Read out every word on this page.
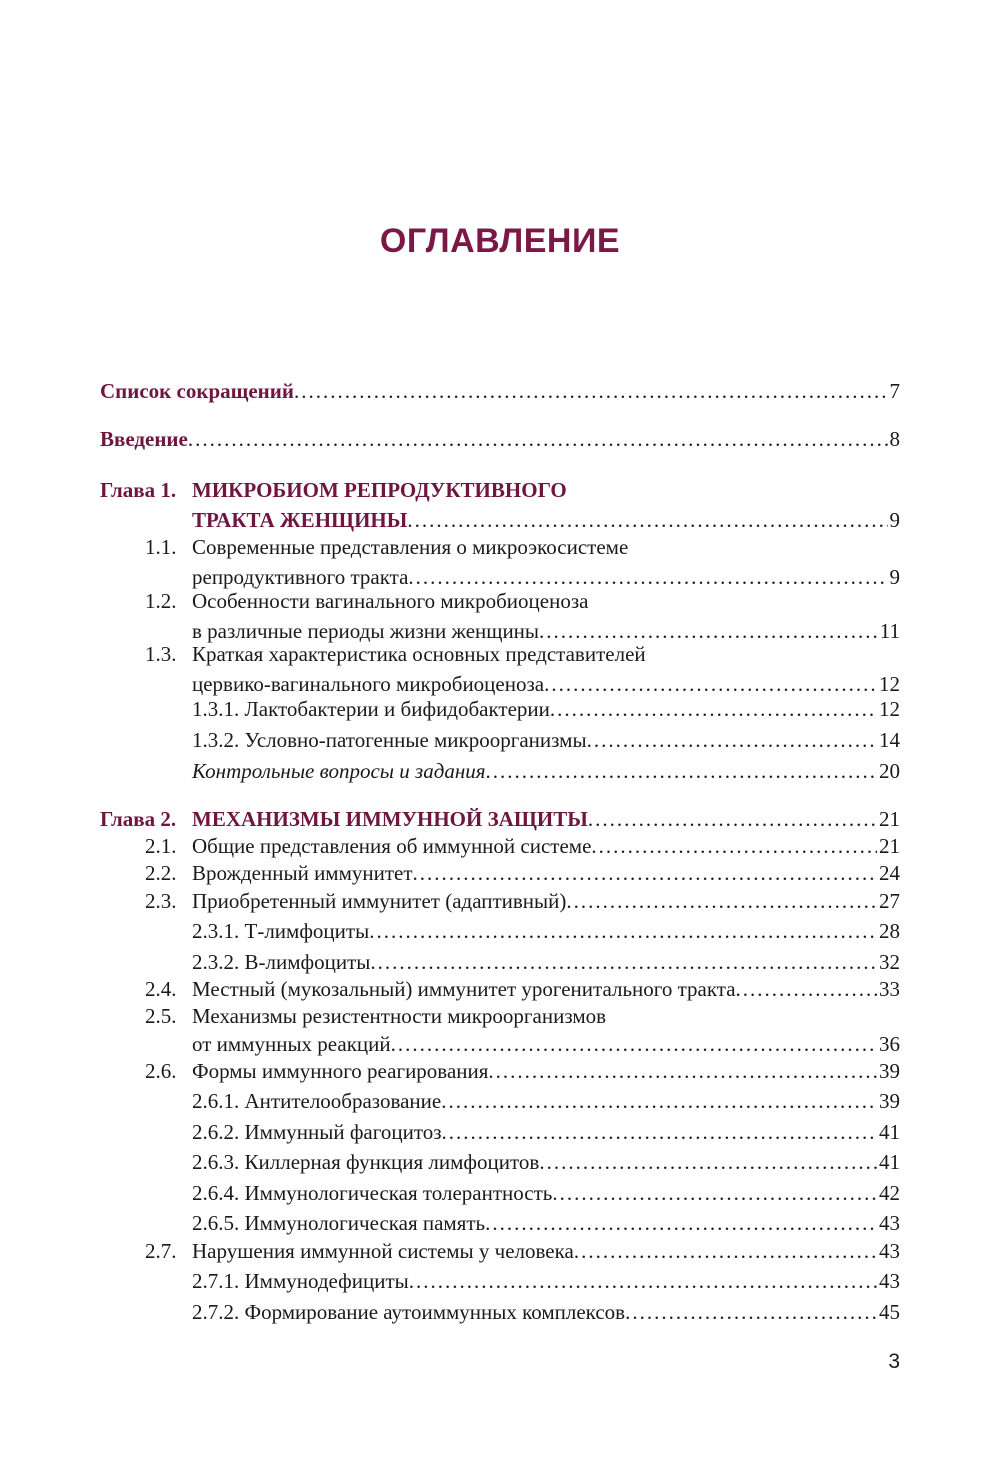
ОГЛАВЛЕНИЕ
Список сокращений .....	7
Введение .....	8
Глава 1. МИКРОБИОМ РЕПРОДУКТИВНОГО
ТРАКТА ЖЕНЩИНЫ .....	9
1.1. Современные представления о микроэкосистеме
репродуктивного тракта .....	9
1.2. Особенности вагинального микробиоценоза
в различные периоды жизни женщины .....	11
1.3. Краткая характеристика основных представителей
цервико-вагинального микробиоценоза .....	12
1.3.1. Лактобактерии и бифидобактерии .....	12
1.3.2. Условно-патогенные микроорганизмы .....	14
Контрольные вопросы и задания .....	20
Глава 2. МЕХАНИЗМЫ ИММУННОЙ ЗАЩИТЫ .....	21
2.1. Общие представления об иммунной системе .....	21
2.2. Врожденный иммунитет .....	24
2.3. Приобретенный иммунитет (адаптивный) .....	27
2.3.1. Т-лимфоциты .....	28
2.3.2. В-лимфоциты .....	32
2.4. Местный (мукозальный) иммунитет урогенитального тракта .....	33
2.5. Механизмы резистентности микроорганизмов
от иммунных реакций .....	36
2.6. Формы иммунного реагирования .....	39
2.6.1. Антителообразование .....	39
2.6.2. Иммунный фагоцитоз .....	41
2.6.3. Киллерная функция лимфоцитов .....	41
2.6.4. Иммунологическая толерантность .....	42
2.6.5. Иммунологическая память .....	43
2.7. Нарушения иммунной системы у человека .....	43
2.7.1. Иммунодефициты .....	43
2.7.2. Формирование аутоиммунных комплексов .....	45
3
